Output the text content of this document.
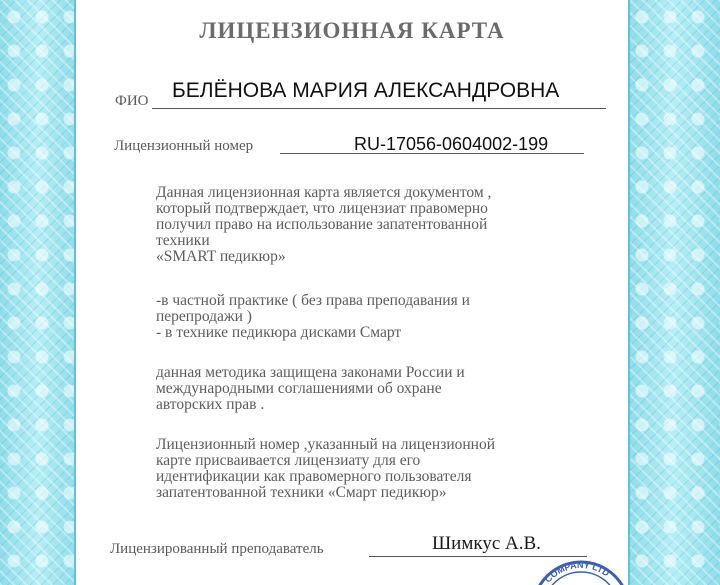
ЛИЦЕНЗИОННАЯ КАРТА
ФИО БЕЛЁНОВА МАРИЯ АЛЕКСАНДРОВНА
Лицензионный номер	RU-17056-0604002-199
Данная лицензионная карта является документом ,
который подтверждает, что лицензиат правомерно
получил право на использование запатентованной
техники
«SMART педикюр»
-в частной практике ( без права преподавания и
перепродажи )
- в технике педикюра дисками Смарт
данная методика защищена законами России и
международными соглашениями об охране
авторских прав .
Лицензионный номер ,указанный на лицензионной
карте присваивается лицензиату для его
идентификации как правомерного пользователя
запатентованной техники «Смарт педикюр»
Лицензированный преподаватель	Шимкус А.В.
COMPANY LTD
